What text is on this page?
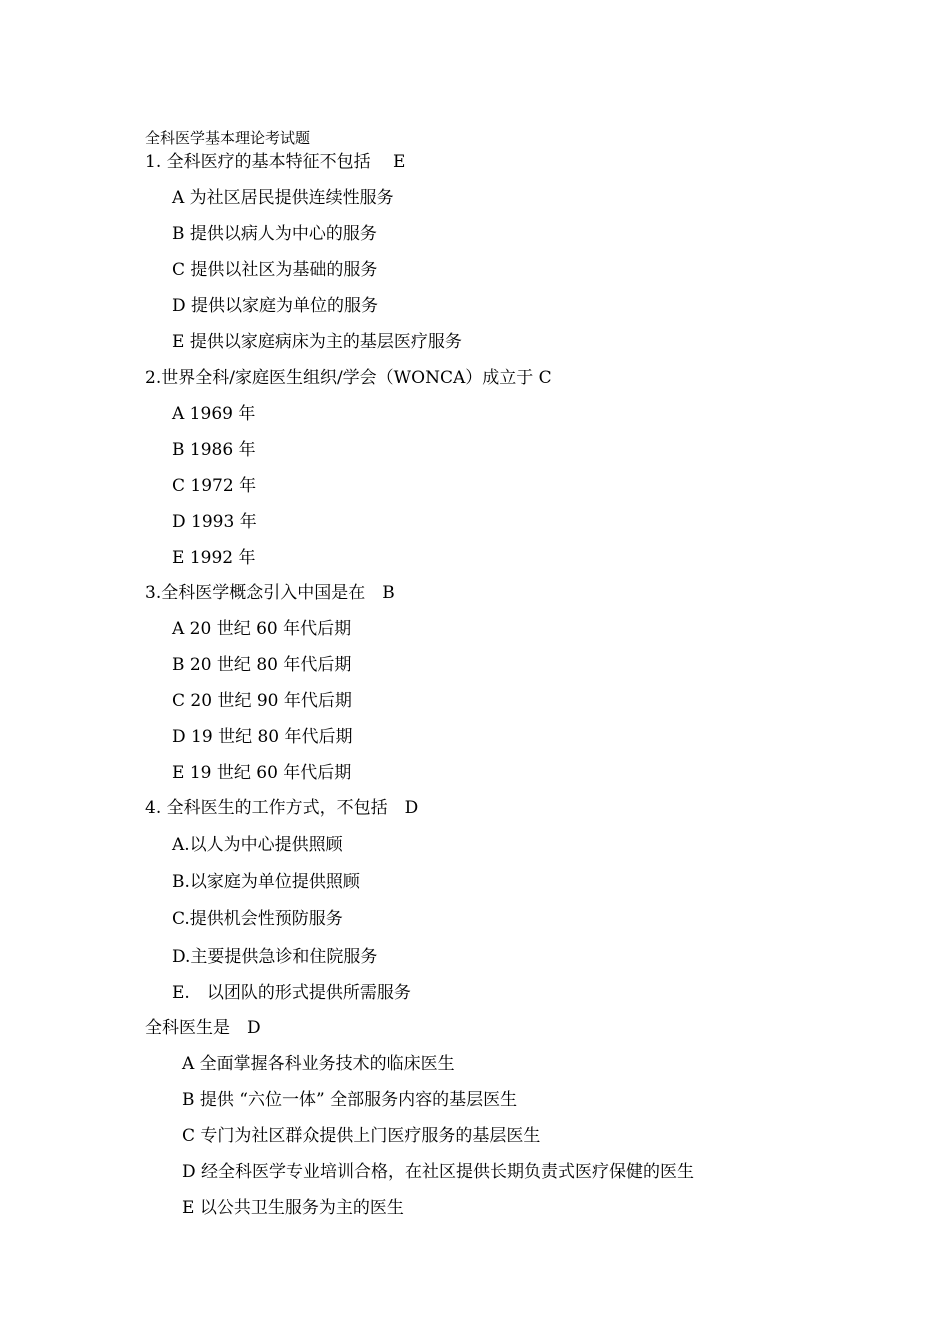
全科医学基本理论考试题
1. 全科医疗的基本特征不包括　 E
A 为社区居民提供连续性服务
B 提供以病人为中心的服务
C 提供以社区为基础的服务
D 提供以家庭为单位的服务
E 提供以家庭病床为主的基层医疗服务
2.世界全科/家庭医生组织/学会（WONCA）成立于 C
A 1969 年
B 1986 年
C 1972 年
D 1993 年
E 1992 年
3.全科医学概念引入中国是在　B
A 20 世纪 60 年代后期
B 20 世纪 80 年代后期
C 20 世纪 90 年代后期
D 19 世纪 80 年代后期
E 19 世纪 60 年代后期
4. 全科医生的工作方式，不包括　D
A.以人为中心提供照顾
B.以家庭为单位提供照顾
C.提供机会性预防服务
D.主要提供急诊和住院服务
E.　以团队的形式提供所需服务
全科医生是　D
A 全面掌握各科业务技术的临床医生
B 提供 “六位一体” 全部服务内容的基层医生
C 专门为社区群众提供上门医疗服务的基层医生
D 经全科医学专业培训合格，在社区提供长期负责式医疗保健的医生
E 以公共卫生服务为主的医生
